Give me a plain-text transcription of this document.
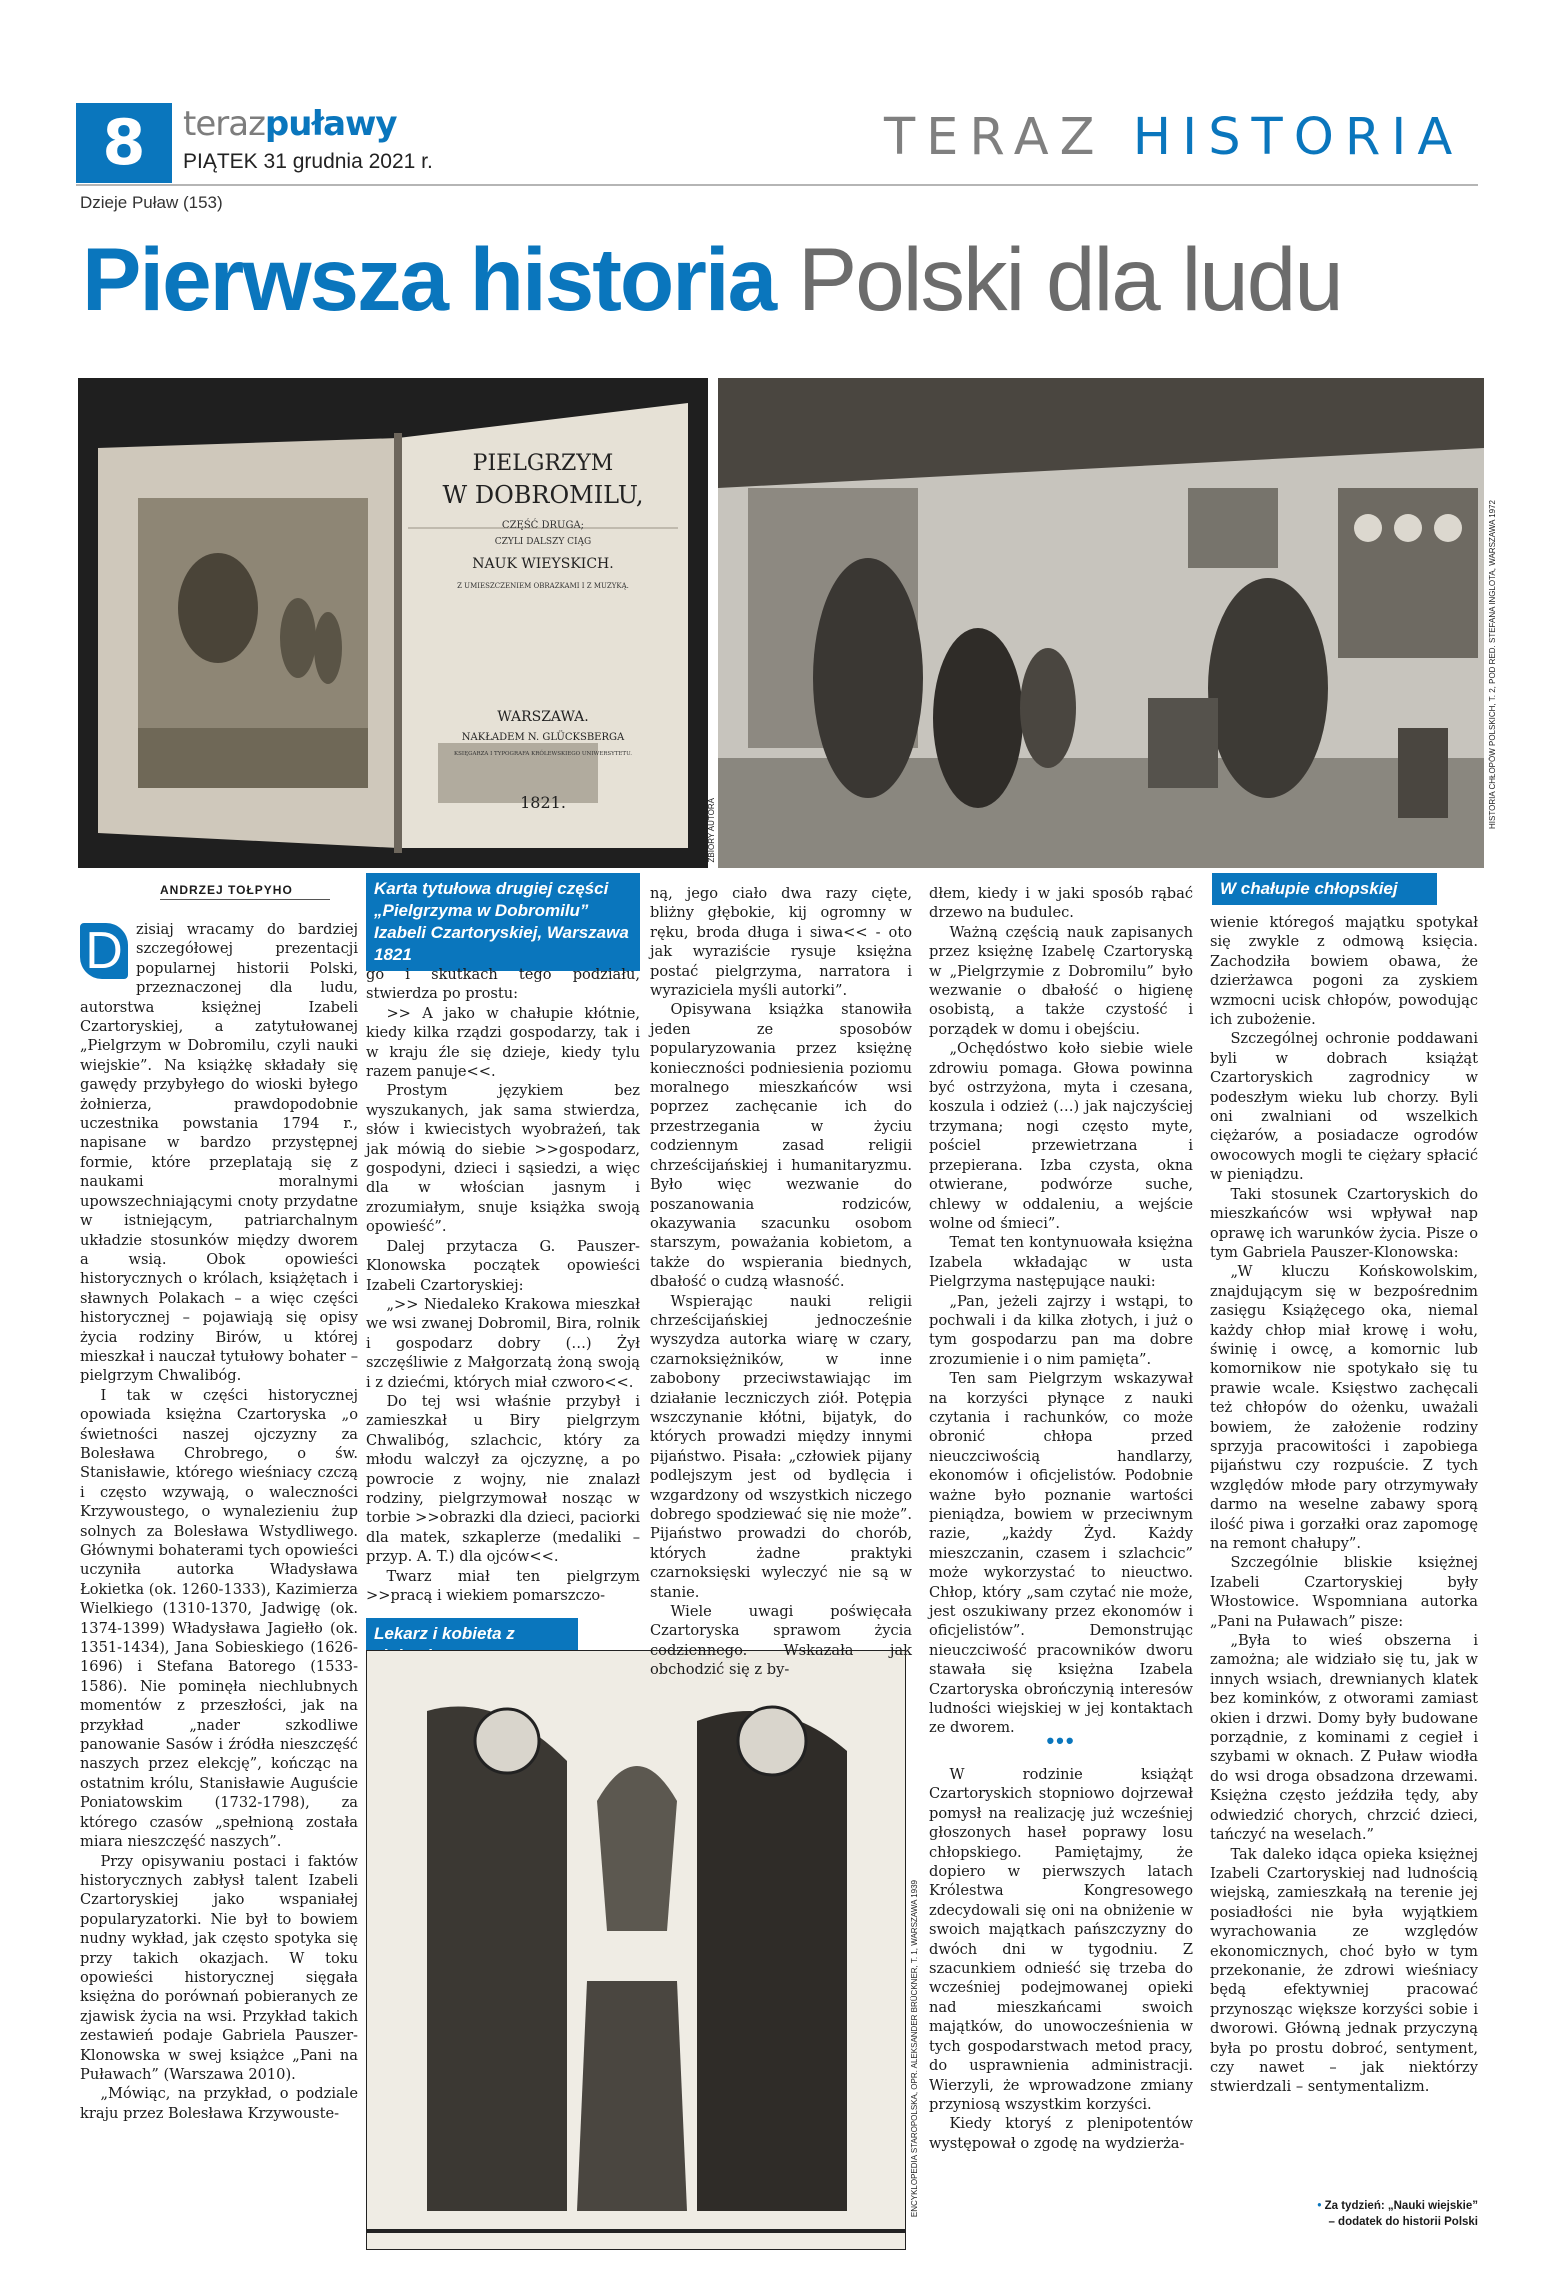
8	terazpuławy
PIĄTEK 31 grudnia 2021 r.	TERAZ HISTORIA
Dzieje Puław (153)
Pierwsza historia Polski dla ludu
PIELGRZYM
W DOBROMILU,
CZĘŚĆ DRUGA;
CZYLI DALSZY CIĄG
NAUK WIEYSKICH.
Z UMIESZCZENIEM OBRAZKAMI I Z MUZYKĄ.
WARSZAWA.
NAKŁADEM N. GLÜCKSBERGA
KSIĘGARZA I TYPOGRAFA KRÓLEWSKIEGO UNIWERSYTETU.
1821.	ZBIORY AUTORA
Karta tytułowa drugiej części „Pielgrzyma w Dobromilu” Izabeli Czartoryskiej, Warszawa 1821
HISTORIA CHŁOPÓW POLSKICH, T. 2, POD RED. STEFANA INGLOTA, WARSZAWA 1972
W chałupie chłopskiej
ANDRZEJ TOŁPYHO
D zisiaj wracamy do bardziej szczegółowej prezentacji popularnej historii Polski, przeznaczonej dla ludu, autorstwa księżnej Izabeli Czartoryskiej, a zatytułowanej „Pielgrzym w Dobromilu, czyli nauki wiejskie”. Na książkę składały się gawędy przybyłego do wioski byłego żołnierza, prawdopodobnie uczestnika powstania 1794 r., napisane w bardzo przystępnej formie, które przeplatają się z naukami moralnymi upowszechniającymi cnoty przydatne w istniejącym, patriarchalnym układzie stosunków między dworem a wsią. Obok opowieści historycznych o królach, książętach i sławnych Polakach – a więc części historycznej – pojawiają się opisy życia rodziny Birów, u której mieszkał i nauczał tytułowy bohater – pielgrzym Chwalibóg.

I tak w części historycznej opowiada księżna Czartoryska „o świetności naszej ojczyzny za Bolesława Chrobrego, o św. Stanisławie, którego wieśniacy czczą i często wzywają, o waleczności Krzywoustego, o wynalezieniu żup solnych za Bolesława Wstydliwego. Głównymi bohaterami tych opowieści uczyniła autorka Władysława Łokietka (ok. 1260-1333), Kazimierza Wielkiego (1310-1370, Jadwigę (ok. 1374-1399) Władysława Jagiełło (ok. 1351-1434), Jana Sobieskiego (1626-1696) i Stefana Batorego (1533-1586). Nie pominęła niechlubnych momentów z przeszłości, jak na przykład „nader szkodliwe panowanie Sasów i źródła nieszczęść naszych przez elekcję”, kończąc na ostatnim królu, Stanisławie Auguście Poniatowskim (1732-1798), za którego czasów „spełnioną została miara nieszczęść naszych”.

Przy opisywaniu postaci i faktów historycznych zabłysł talent Izabeli Czartoryskiej jako wspaniałej popularyzatorki. Nie był to bowiem nudny wykład, jak często spotyka się przy takich okazjach. W toku opowieści historycznej sięgała księżna do porównań pobieranych ze zjawisk życia na wsi. Przykład takich zestawień podaje Gabriela Pauszer-Klonowska w swej książce „Pani na Puławach” (Warszawa 2010).

„Mówiąc, na przykład, o podziale kraju przez Bolesława Krzywouste-

go i skutkach tego podziału, stwierdza po prostu:

>> A jako w chałupie kłótnie, kiedy kilka rządzi gospodarzy, tak i w kraju źle się dzieje, kiedy tylu razem panuje<<.

Prostym językiem bez wyszukanych, jak sama stwierdza, słów i kwiecistych wyobrażeń, tak jak mówią do siebie >>gospodarz, gospodyni, dzieci i sąsiedzi, a więc dla w włościan jasnym i zrozumiałym, snuje książka swoją opowieść”.

Dalej przytacza G. Pauszer-Klonowska początek opowieści Izabeli Czartoryskiej:

„>> Niedaleko Krakowa mieszkał we wsi zwanej Dobromil, Bira, rolnik i gospodarz dobry (…) Żył szczęśliwie z Małgorzatą żoną swoją i z dziećmi, których miał czworo<<.

Do tej wsi właśnie przybył i zamieszkał u Biry pielgrzym Chwalibóg, szlachcic, który za młodu walczył za ojczyznę, a po powrocie z wojny, nie znalazł rodziny, pielgrzymował nosząc w torbie >>obrazki dla dzieci, paciorki dla matek, szkaplerze (medaliki – przyp. A. T.) dla ojców<<.

Twarz miał ten pielgrzym >>pracą i wiekiem pomarszczo-

Lekarz i kobieta z
ENCYKLOPEDIA STAROPOLSKA, OPR. ALEKSANDER BRÜCKNER, T. 1, WARSZAWA 1939

ną, jego ciało dwa razy cięte, bliżny głębokie, kij ogromny w ręku, broda długa i siwa<< - oto jak wyraziście rysuje księżna postać pielgrzyma, narratora i wyraziciela myśli autorki”.

Opisywana książka stanowiła jeden ze sposobów popularyzowania przez księżnę konieczności podniesienia poziomu moralnego mieszkańców wsi poprzez zachęcanie ich do przestrzegania w życiu codziennym zasad religii chrześcijańskiej i humanitaryzmu. Było więc wezwanie do poszanowania rodziców, okazywania szacunku osobom starszym, poważania kobietom, a także do wspierania biednych, dbałość o cudzą własność.

Wspierając nauki religii chrześcijańskiej jednocześnie wyszydza autorka wiarę w czary, czarnoksiężników, w inne zabobony przeciwstawiając im działanie leczniczych ziół. Potępia wszczynanie kłótni, bijatyk, do których prowadzi między innymi pijaństwo. Pisała: „człowiek pijany podlejszym jest od bydlęcia i wzgardzony od wszystkich niczego dobrego spodziewać się nie może”. Pijaństwo prowadzi do chorób, których żadne praktyki czarnoksięski wyleczyć nie są w stanie.

Wiele uwagi poświęcała Czartoryska sprawom życia codziennego. Wskazała jak obchodzić się z by-

dłem, kiedy i w jaki sposób rąbać drzewo na budulec.

Ważną częścią nauk zapisanych przez księżnę Izabelę Czartoryską w „Pielgrzymie z Dobromilu” było wezwanie o dbałość o higienę osobistą, a także czystość i porządek w domu i obejściu.

„Ochędóstwo koło siebie wiele zdrowiu pomaga. Głowa powinna być ostrzyżona, myta i czesana, koszula i odzież (…) jak najczyściej trzymana; nogi często myte, pościel przewietrzana i przepierana. Izba czysta, okna otwierane, podwórze suche, chlewy w oddaleniu, a wejście wolne od śmieci”.

Temat ten kontynuowała księżna Izabela wkładając w usta Pielgrzyma następujące nauki:

„Pan, jeżeli zajrzy i wstąpi, to pochwali i da kilka złotych, i już o tym gospodarzu pan ma dobre zrozumienie i o nim pamięta”.

Ten sam Pielgrzym wskazywał na korzyści płynące z nauki czytania i rachunków, co może obronić chłopa przed nieuczciwością handlarzy, ekonomów i oficjelistów. Podobnie ważne było poznanie wartości pieniądza, bowiem w przeciwnym razie, „każdy Żyd. Każdy mieszczanin, czasem i szlachcic” może wykorzystać to nieuctwo. Chłop, który „sam czytać nie może, jest oszukiwany przez ekonomów i oficjelistów”. Demonstrując nieuczciwość pracowników dworu stawała się księżna Izabela Czartoryska obrończynią interesów ludności wiejskiej w jej kontaktach ze dworem.

•••

W rodzinie książąt Czartoryskich stopniowo dojrzewał pomysł na realizację już wcześniej głoszonych haseł poprawy losu chłopskiego. Pamiętajmy, że dopiero w pierwszych latach Królestwa Kongresowego zdecydowali się oni na obniżenie w swoich majątkach pańszczyzny do dwóch dni w tygodniu. Z szacunkiem odnieść się trzeba do wcześniej podejmowanej opieki nad mieszkańcami swoich majątków, do unowocześnienia w tych gospodarstwach metod pracy, do usprawnienia administracji. Wierzyli, że wprowadzone zmiany przyniosą wszystkim korzyści.

Kiedy ktoryś z plenipotentów występował o zgodę na wydzierża-

wienie któregoś majątku spotykał się zwykle z odmową księcia. Zachodziła bowiem obawa, że dzierżawca pogoni za zyskiem wzmocni ucisk chłopów, powodując ich zubożenie.

Szczególnej ochronie poddawani byli w dobrach książąt Czartoryskich zagrodnicy w podeszłym wieku lub chorzy. Byli oni zwalniani od wszelkich ciężarów, a posiadacze ogrodów owocowych mogli te ciężary spłacić w pieniądzu.

Taki stosunek Czartoryskich do mieszkańców wsi wpływał nap oprawę ich warunków życia. Pisze o tym Gabriela Pauszer-Klonowska:

„W kluczu Końskowolskim, znajdującym się w bezpośrednim zasięgu Książęcego oka, niemal każdy chłop miał krowę i wołu, świnię i owcę, a komornic lub komornikow nie spotykało się tu prawie wcale. Księstwo zachęcali też chłopów do ożenku, uważali bowiem, że założenie rodziny sprzyja pracowitości i zapobiega pijaństwu czy rozpuście. Z tych względów młode pary otrzymywały darmo na weselne zabawy sporą ilość piwa i gorzałki oraz zapomogę na remont chałupy”.

Szczególnie bliskie księżnej Izabeli Czartoryskiej były Włostowice. Wspomniana autorka „Pani na Puławach” pisze:

„Była to wieś obszerna i zamożna; ale widziało się tu, jak w innych wsiach, drewnianych klatek bez kominków, z otworami zamiast okien i drzwi. Domy były budowane porządnie, z kominami z cegieł i szybami w oknach. Z Puław wiodła do wsi droga obsadzona drzewami. Księżna często jeździła tędy, aby odwiedzić chorych, chrzcić dzieci, tańczyć na weselach.”

Tak daleko idąca opieka księżnej Izabeli Czartoryskiej nad ludnością wiejską, zamieszkałą na terenie jej posiadłości nie była wyjątkiem wyrachowania ze względów ekonomicznych, choć było w tym przekonanie, że zdrowi wieśniacy będą efektywniej pracować przynosząc większe korzyści sobie i dworowi. Główną jednak przyczyną była po prostu dobroć, sentyment, czy nawet – jak niektórzy stwierdzali – sentymentalizm.

• Za tydzień: „Nauki wiejskie”
– dodatek do historii Polski
